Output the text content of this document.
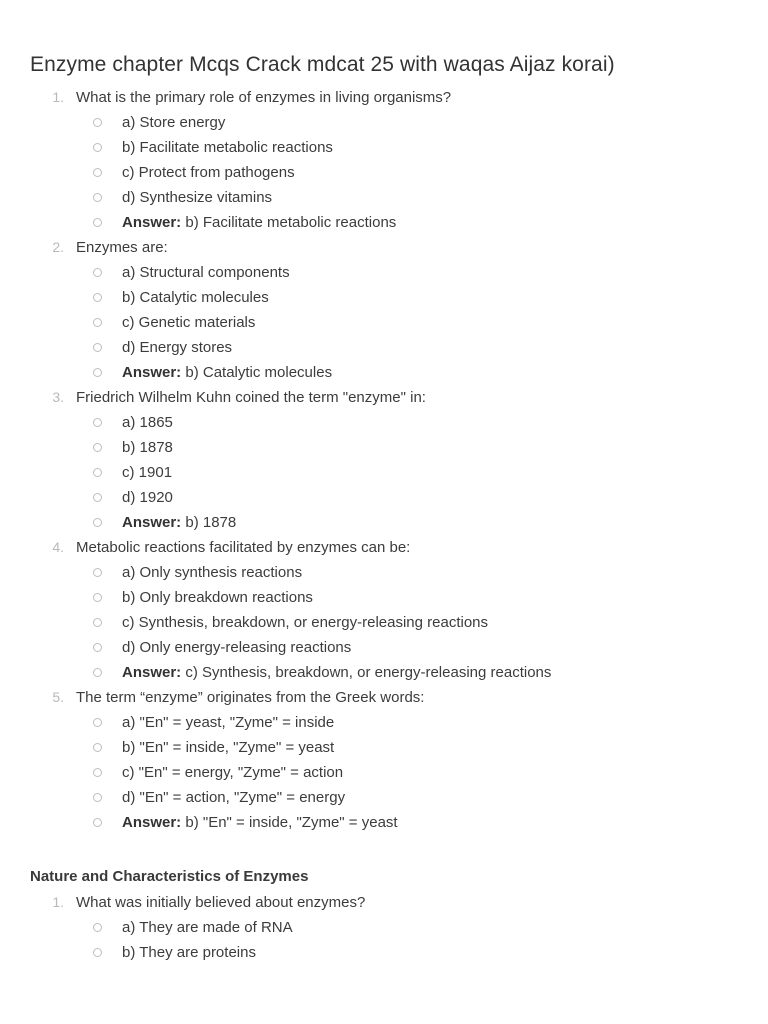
Enzyme chapter Mcqs Crack mdcat 25 with waqas Aijaz korai)
1. What is the primary role of enzymes in living organisms?
a) Store energy
b) Facilitate metabolic reactions
c) Protect from pathogens
d) Synthesize vitamins
Answer: b) Facilitate metabolic reactions
2. Enzymes are:
a) Structural components
b) Catalytic molecules
c) Genetic materials
d) Energy stores
Answer: b) Catalytic molecules
3. Friedrich Wilhelm Kuhn coined the term "enzyme" in:
a) 1865
b) 1878
c) 1901
d) 1920
Answer: b) 1878
4. Metabolic reactions facilitated by enzymes can be:
a) Only synthesis reactions
b) Only breakdown reactions
c) Synthesis, breakdown, or energy-releasing reactions
d) Only energy-releasing reactions
Answer: c) Synthesis, breakdown, or energy-releasing reactions
5. The term “enzyme” originates from the Greek words:
a) "En" = yeast, "Zyme" = inside
b) "En" = inside, "Zyme" = yeast
c) "En" = energy, "Zyme" = action
d) "En" = action, "Zyme" = energy
Answer: b) "En" = inside, "Zyme" = yeast
Nature and Characteristics of Enzymes
1. What was initially believed about enzymes?
a) They are made of RNA
b) They are proteins
